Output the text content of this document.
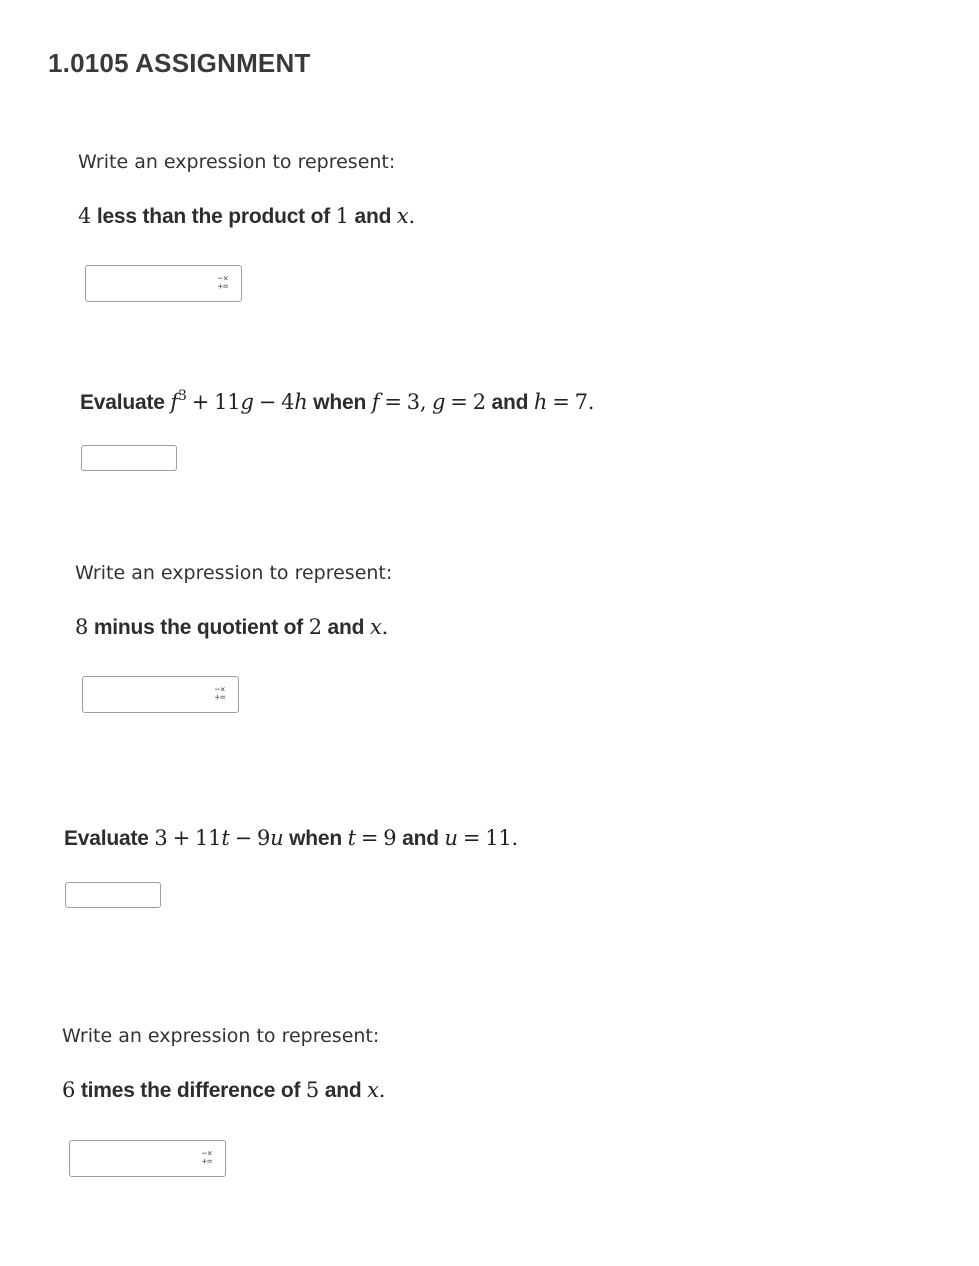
1.0105 ASSIGNMENT
Write an expression to represent:
4 less than the product of 1 and x.
−×
+=
Evaluate $f^3 + 11g - 4h$ when f = 3, g = 2 and h = 7.
Write an expression to represent:
8 minus the quotient of 2 and x.
−×
+=
Evaluate 3 + 11t − 9u when t = 9 and u = 11.
Write an expression to represent:
6 times the difference of 5 and x.
−×
+=
